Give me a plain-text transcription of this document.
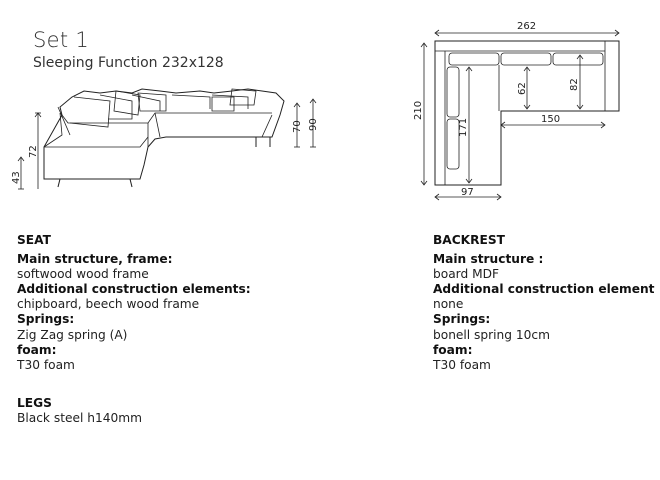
Set 1
Sleeping Function 232x128
43
72
70 90
262
210
62	82
171	150
97
SEAT
Main structure, frame:
softwood wood frame
Additional construction elements:
chipboard, beech wood frame
Springs:
Zig Zag spring (A)
foam:
T30 foam
LEGS
Black steel h140mm
BACKREST
Main structure :
board MDF
Additional construction element
none
Springs:
bonell spring 10cm
foam:
T30 foam
